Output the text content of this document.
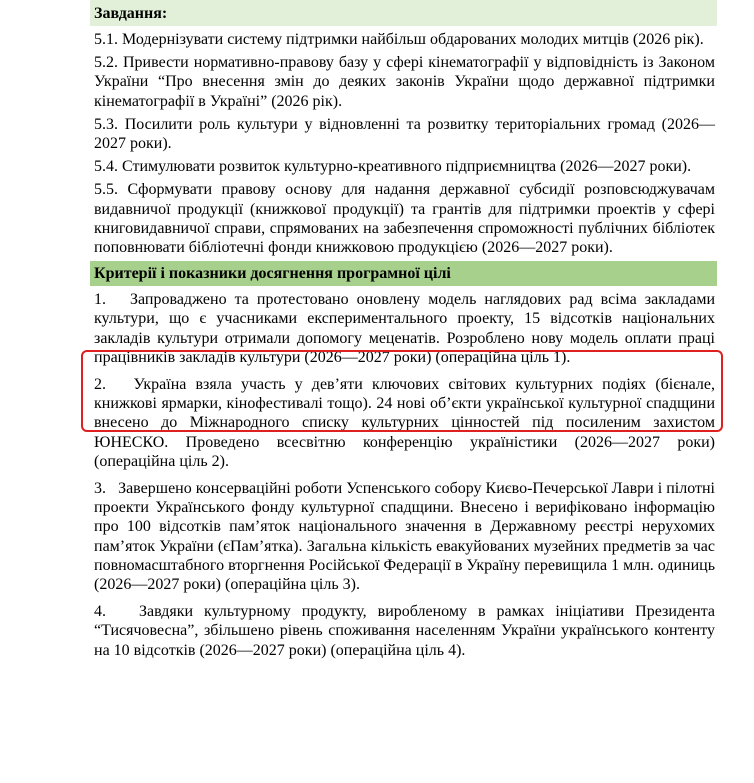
Завдання:

5.1. Модернізувати систему підтримки найбільш обдарованих молодих митців (2026 рік).

5.2. Привести нормативно-правову базу у сфері кінематографії у відповідність із Законом України “Про внесення змін до деяких законів України щодо державної підтримки кінематографії в Україні” (2026 рік).

5.3. Посилити роль культури у відновленні та розвитку територіальних громад (2026—2027 роки).

5.4. Стимулювати розвиток культурно-креативного підприємництва (2026—2027 роки).

5.5. Сформувати правову основу для надання державної субсидії розповсюджувачам видавничої продукції (книжкової продукції) та грантів для підтримки проектів у сфері книговидавничої справи, спрямованих на забезпечення спроможності публічних бібліотек поповнювати бібліотечні фонди книжковою продукцією (2026—2027 роки).

Критерії і показники досягнення програмної цілі

1.   Запроваджено та протестовано оновлену модель наглядових рад всіма закладами культури, що є учасниками експериментального проекту, 15 відсотків національних закладів культури отримали допомогу меценатів. Розроблено нову модель оплати праці працівників закладів культури (2026—2027 роки) (операційна ціль 1).

2.   Україна взяла участь у дев’яти ключових світових культурних подіях (бієнале, книжкові ярмарки, кінофестивалі тощо). 24 нові об’єкти української культурної спадщини внесено до Міжнародного списку культурних цінностей під посиленим захистом ЮНЕСКО. Проведено всесвітню конференцію україністики (2026—2027 роки) (операційна ціль 2).

3.   Завершено консерваційні роботи Успенського собору Києво-Печерської Лаври і пілотні проекти Українського фонду культурної спадщини. Внесено і верифіковано інформацію про 100 відсотків пам’яток національного значення в Державному реєстрі нерухомих пам’яток України (єПам’ятка). Загальна кількість евакуйованих музейних предметів за час повномасштабного вторгнення Російської Федерації в Україну перевищила 1 млн. одиниць (2026—2027 роки) (операційна ціль 3).

4.   Завдяки культурному продукту, виробленому в рамках ініціативи Президента “Тисячовесна”, збільшено рівень споживання населенням України українського контенту на 10 відсотків (2026—2027 роки) (операційна ціль 4).
